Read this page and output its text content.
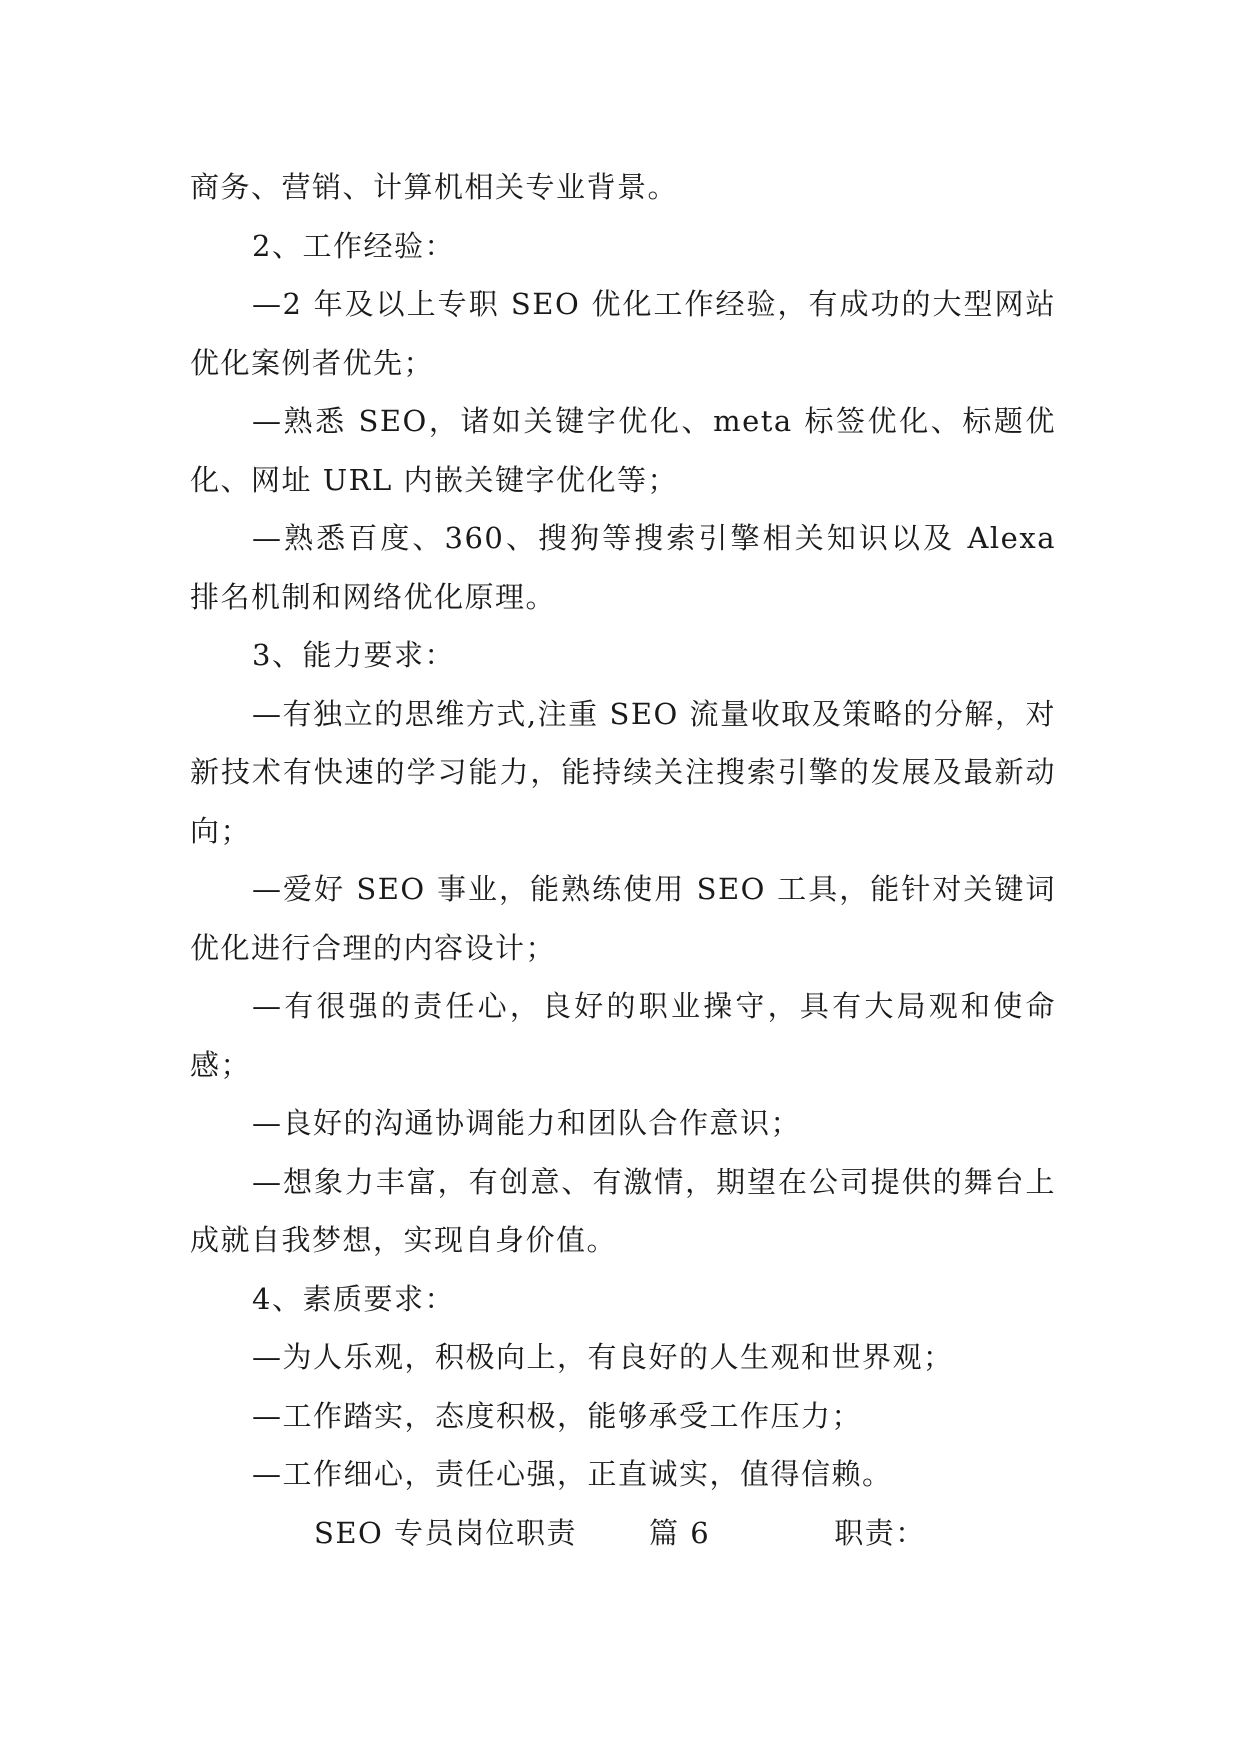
商务、营销、计算机相关专业背景。

2、工作经验：

—2 年及以上专职 SEO 优化工作经验，有成功的大型网站优化案例者优先；

—熟悉 SEO，诸如关键字优化、meta 标签优化、标题优化、网址 URL 内嵌关键字优化等；

—熟悉百度、360、搜狗等搜索引擎相关知识以及 Alexa 排名机制和网络优化原理。

3、能力要求：

—有独立的思维方式,注重 SEO 流量收取及策略的分解，对新技术有快速的学习能力，能持续关注搜索引擎的发展及最新动向；

—爱好 SEO 事业，能熟练使用 SEO 工具，能针对关键词优化进行合理的内容设计；

—有很强的责任心，良好的职业操守，具有大局观和使命感；

—良好的沟通协调能力和团队合作意识；

—想象力丰富，有创意、有激情，期望在公司提供的舞台上成就自我梦想，实现自身价值。

4、素质要求：

—为人乐观，积极向上，有良好的人生观和世界观；

—工作踏实，态度积极，能够承受工作压力；

—工作细心，责任心强，正直诚实，值得信赖。

SEO 专员岗位职责 篇 6	职责：
